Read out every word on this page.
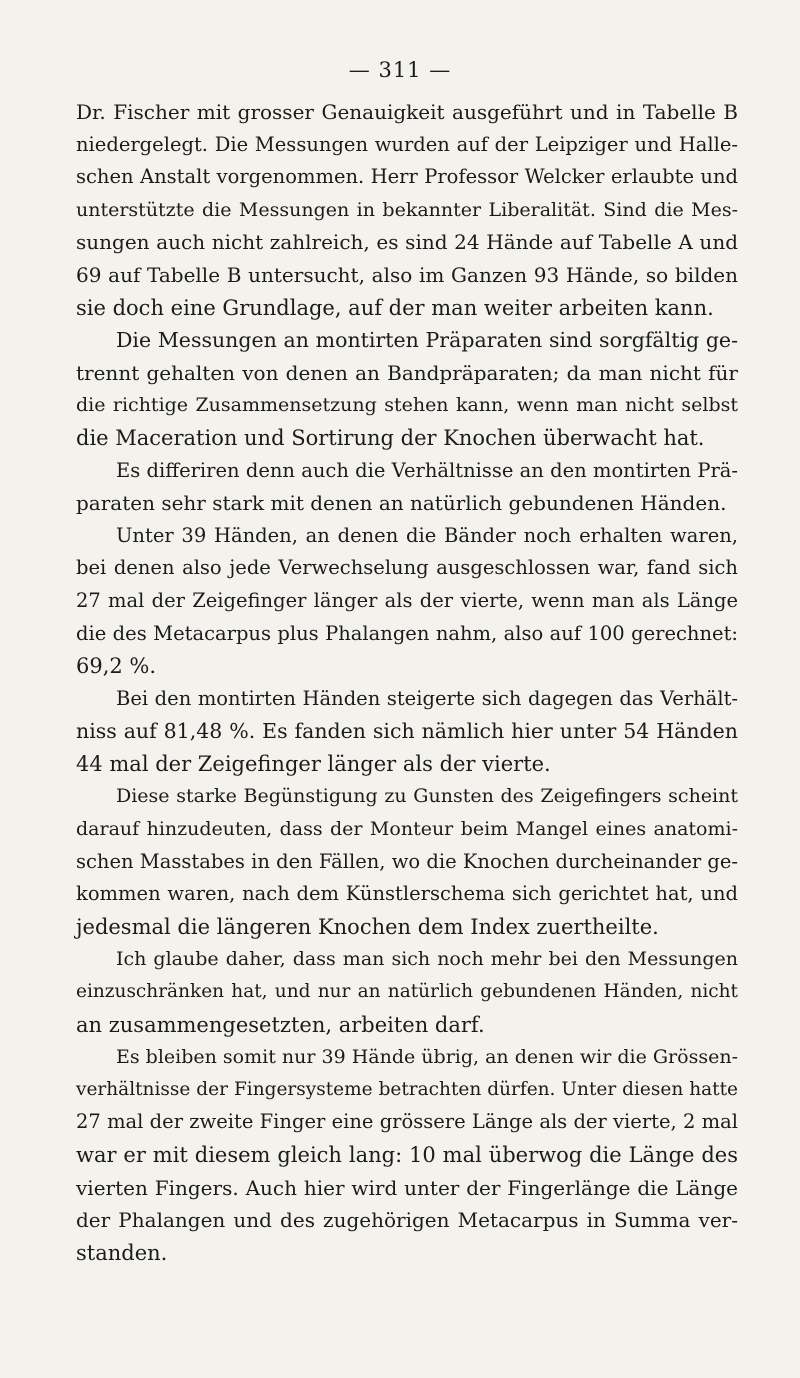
— 311 —
Dr. Fischer mit grosser Genauigkeit ausgeführt und in Tabelle B
niedergelegt. Die Messungen wurden auf der Leipziger und Halle-
schen Anstalt vorgenommen. Herr Professor Welcker erlaubte und
unterstützte die Messungen in bekannter Liberalität. Sind die Mes-
sungen auch nicht zahlreich, es sind 24 Hände auf Tabelle A und
69 auf Tabelle B untersucht, also im Ganzen 93 Hände, so bilden
sie doch eine Grundlage, auf der man weiter arbeiten kann.
Die Messungen an montirten Präparaten sind sorgfältig ge-
trennt gehalten von denen an Bandpräparaten; da man nicht für
die richtige Zusammensetzung stehen kann, wenn man nicht selbst
die Maceration und Sortirung der Knochen überwacht hat.
Es differiren denn auch die Verhältnisse an den montirten Prä-
paraten sehr stark mit denen an natürlich gebundenen Händen.
Unter 39 Händen, an denen die Bänder noch erhalten waren,
bei denen also jede Verwechselung ausgeschlossen war, fand sich
27 mal der Zeigefinger länger als der vierte, wenn man als Länge
die des Metacarpus plus Phalangen nahm, also auf 100 gerechnet:
69,2 %.
Bei den montirten Händen steigerte sich dagegen das Verhält-
niss auf 81,48 %. Es fanden sich nämlich hier unter 54 Händen
44 mal der Zeigefinger länger als der vierte.
Diese starke Begünstigung zu Gunsten des Zeigefingers scheint
darauf hinzudeuten, dass der Monteur beim Mangel eines anatomi-
schen Masstabes in den Fällen, wo die Knochen durcheinander ge-
kommen waren, nach dem Künstlerschema sich gerichtet hat, und
jedesmal die längeren Knochen dem Index zuertheilte.
Ich glaube daher, dass man sich noch mehr bei den Messungen
einzuschränken hat, und nur an natürlich gebundenen Händen, nicht
an zusammengesetzten, arbeiten darf.
Es bleiben somit nur 39 Hände übrig, an denen wir die Grössen-
verhältnisse der Fingersysteme betrachten dürfen. Unter diesen hatte
27 mal der zweite Finger eine grössere Länge als der vierte, 2 mal
war er mit diesem gleich lang: 10 mal überwog die Länge des
vierten Fingers. Auch hier wird unter der Fingerlänge die Länge
der Phalangen und des zugehörigen Metacarpus in Summa ver-
standen.
